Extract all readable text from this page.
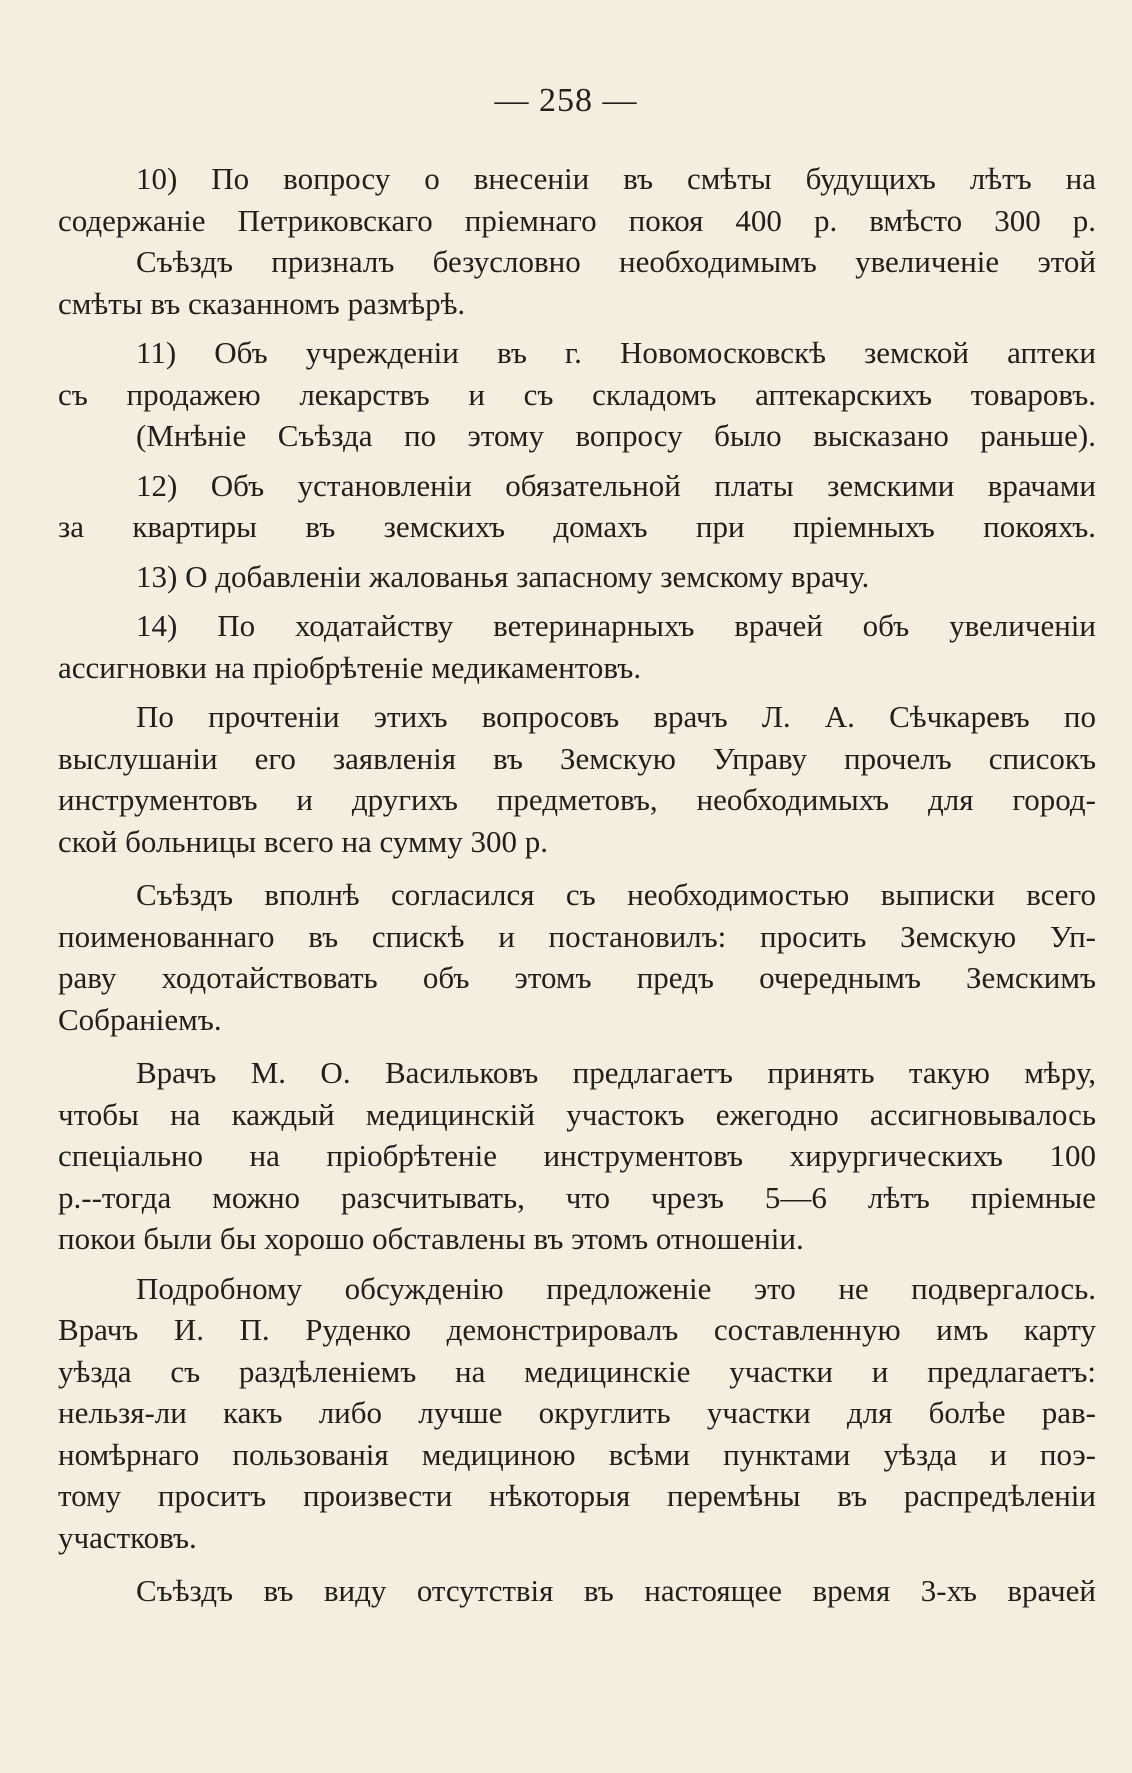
— 258 —
10) По вопросу о внесеніи въ смѣты будущихъ лѣтъ на
содержаніе Петриковскаго пріемнаго покоя 400 р. вмѣсто 300 р.
Съѣздъ призналъ безусловно необходимымъ увеличеніе этой
смѣты въ сказанномъ размѣрѣ.
11) Объ учрежденіи въ г. Новомосковскѣ земской аптеки
съ продажею лекарствъ и съ складомъ аптекарскихъ товаровъ.
(Мнѣніе Съѣзда по этому вопросу было высказано раньше).
12) Объ установленіи обязательной платы земскими врачами
за квартиры въ земскихъ домахъ при пріемныхъ покояхъ.
13) О добавленіи жалованья запасному земскому врачу.
14) По ходатайству ветеринарныхъ врачей объ увеличеніи
ассигновки на пріобрѣтеніе медикаментовъ.
По прочтеніи этихъ вопросовъ врачъ Л. А. Сѣчкаревъ по
выслушаніи его заявленія въ Земскую Управу прочелъ списокъ
инструментовъ и другихъ предметовъ, необходимыхъ для город-
ской больницы всего на сумму 300 р.
Съѣздъ вполнѣ согласился съ необходимостью выписки всего
поименованнаго въ спискѣ и постановилъ: просить Земскую Уп-
раву ходотайствовать объ этомъ предъ очереднымъ Земскимъ
Собраніемъ.
Врачъ М. О. Васильковъ предлагаетъ принять такую мѣру,
чтобы на каждый медицинскій участокъ ежегодно ассигновывалось
спеціально на пріобрѣтеніе инструментовъ хирургическихъ 100
р.--тогда можно разсчитывать, что чрезъ 5—6 лѣтъ пріемные
покои были бы хорошо обставлены въ этомъ отношеніи.
Подробному обсужденію предложеніе это не подвергалось.
Врачъ И. П. Руденко демонстрировалъ составленную имъ карту
уѣзда съ раздѣленіемъ на медицинскіе участки и предлагаетъ:
нельзя-ли какъ либо лучше округлить участки для болѣе рав-
номѣрнаго пользованія медициною всѣми пунктами уѣзда и поэ-
тому проситъ произвести нѣкоторыя перемѣны въ распредѣленіи
участковъ.
Съѣздъ въ виду отсутствія въ настоящее время 3-хъ врачей
